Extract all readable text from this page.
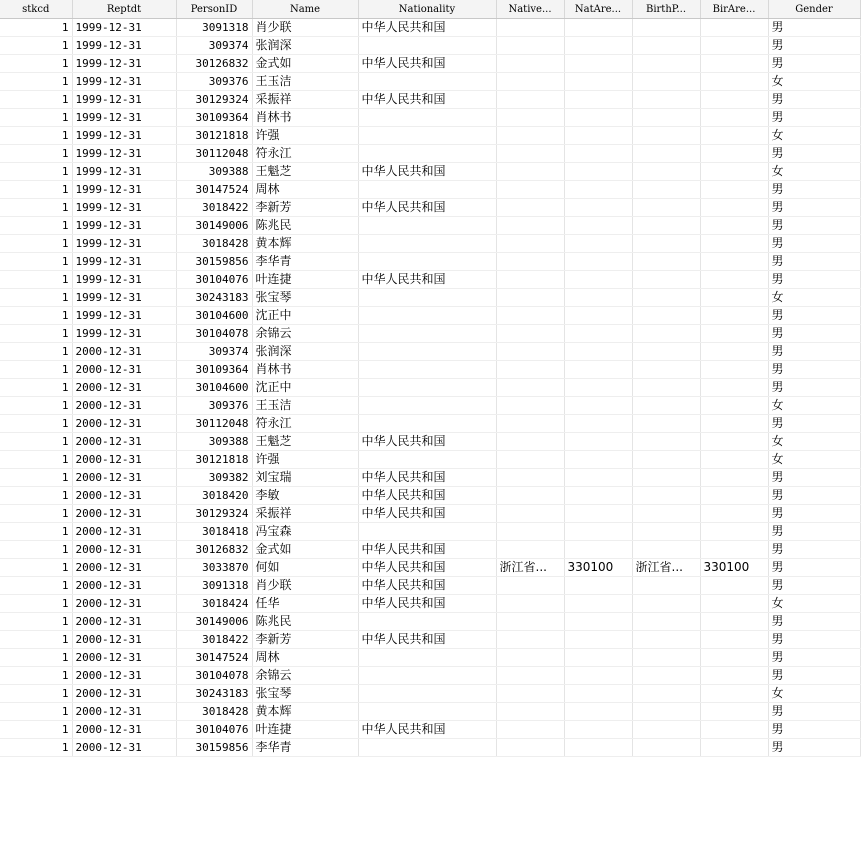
stkcd	Reptdt	PersonID	Name	Nationality	Native...	NatAre...	BirthP...	BirAre...	Gender
1	1999-12-31	3091318	肖少联	中华人民共和国					男
1	1999-12-31	309374	张润深						男
1	1999-12-31	30126832	金式如	中华人民共和国					男
1	1999-12-31	309376	王玉洁						女
1	1999-12-31	30129324	采振祥	中华人民共和国					男
1	1999-12-31	30109364	肖林书						男
1	1999-12-31	30121818	许强						女
1	1999-12-31	30112048	符永江						男
1	1999-12-31	309388	王魁芝	中华人民共和国					女
1	1999-12-31	30147524	周林						男
1	1999-12-31	3018422	李新芳	中华人民共和国					男
1	1999-12-31	30149006	陈兆民						男
1	1999-12-31	3018428	黄本辉						男
1	1999-12-31	30159856	李华青						男
1	1999-12-31	30104076	叶连捷	中华人民共和国					男
1	1999-12-31	30243183	张宝琴						女
1	1999-12-31	30104600	沈正中						男
1	1999-12-31	30104078	余锦云						男
1	2000-12-31	309374	张润深						男
1	2000-12-31	30109364	肖林书						男
1	2000-12-31	30104600	沈正中						男
1	2000-12-31	309376	王玉洁						女
1	2000-12-31	30112048	符永江						男
1	2000-12-31	309388	王魁芝	中华人民共和国					女
1	2000-12-31	30121818	许强						女
1	2000-12-31	309382	刘宝瑞	中华人民共和国					男
1	2000-12-31	3018420	李敏	中华人民共和国					男
1	2000-12-31	30129324	采振祥	中华人民共和国					男
1	2000-12-31	3018418	冯宝森						男
1	2000-12-31	30126832	金式如	中华人民共和国					男
1	2000-12-31	3033870	何如	中华人民共和国	浙江省...	330100	浙江省...	330100	男
1	2000-12-31	3091318	肖少联	中华人民共和国					男
1	2000-12-31	3018424	任华	中华人民共和国					女
1	2000-12-31	30149006	陈兆民						男
1	2000-12-31	3018422	李新芳	中华人民共和国					男
1	2000-12-31	30147524	周林						男
1	2000-12-31	30104078	余锦云						男
1	2000-12-31	30243183	张宝琴						女
1	2000-12-31	3018428	黄本辉						男
1	2000-12-31	30104076	叶连捷	中华人民共和国					男
1	2000-12-31	30159856	李华青						男
